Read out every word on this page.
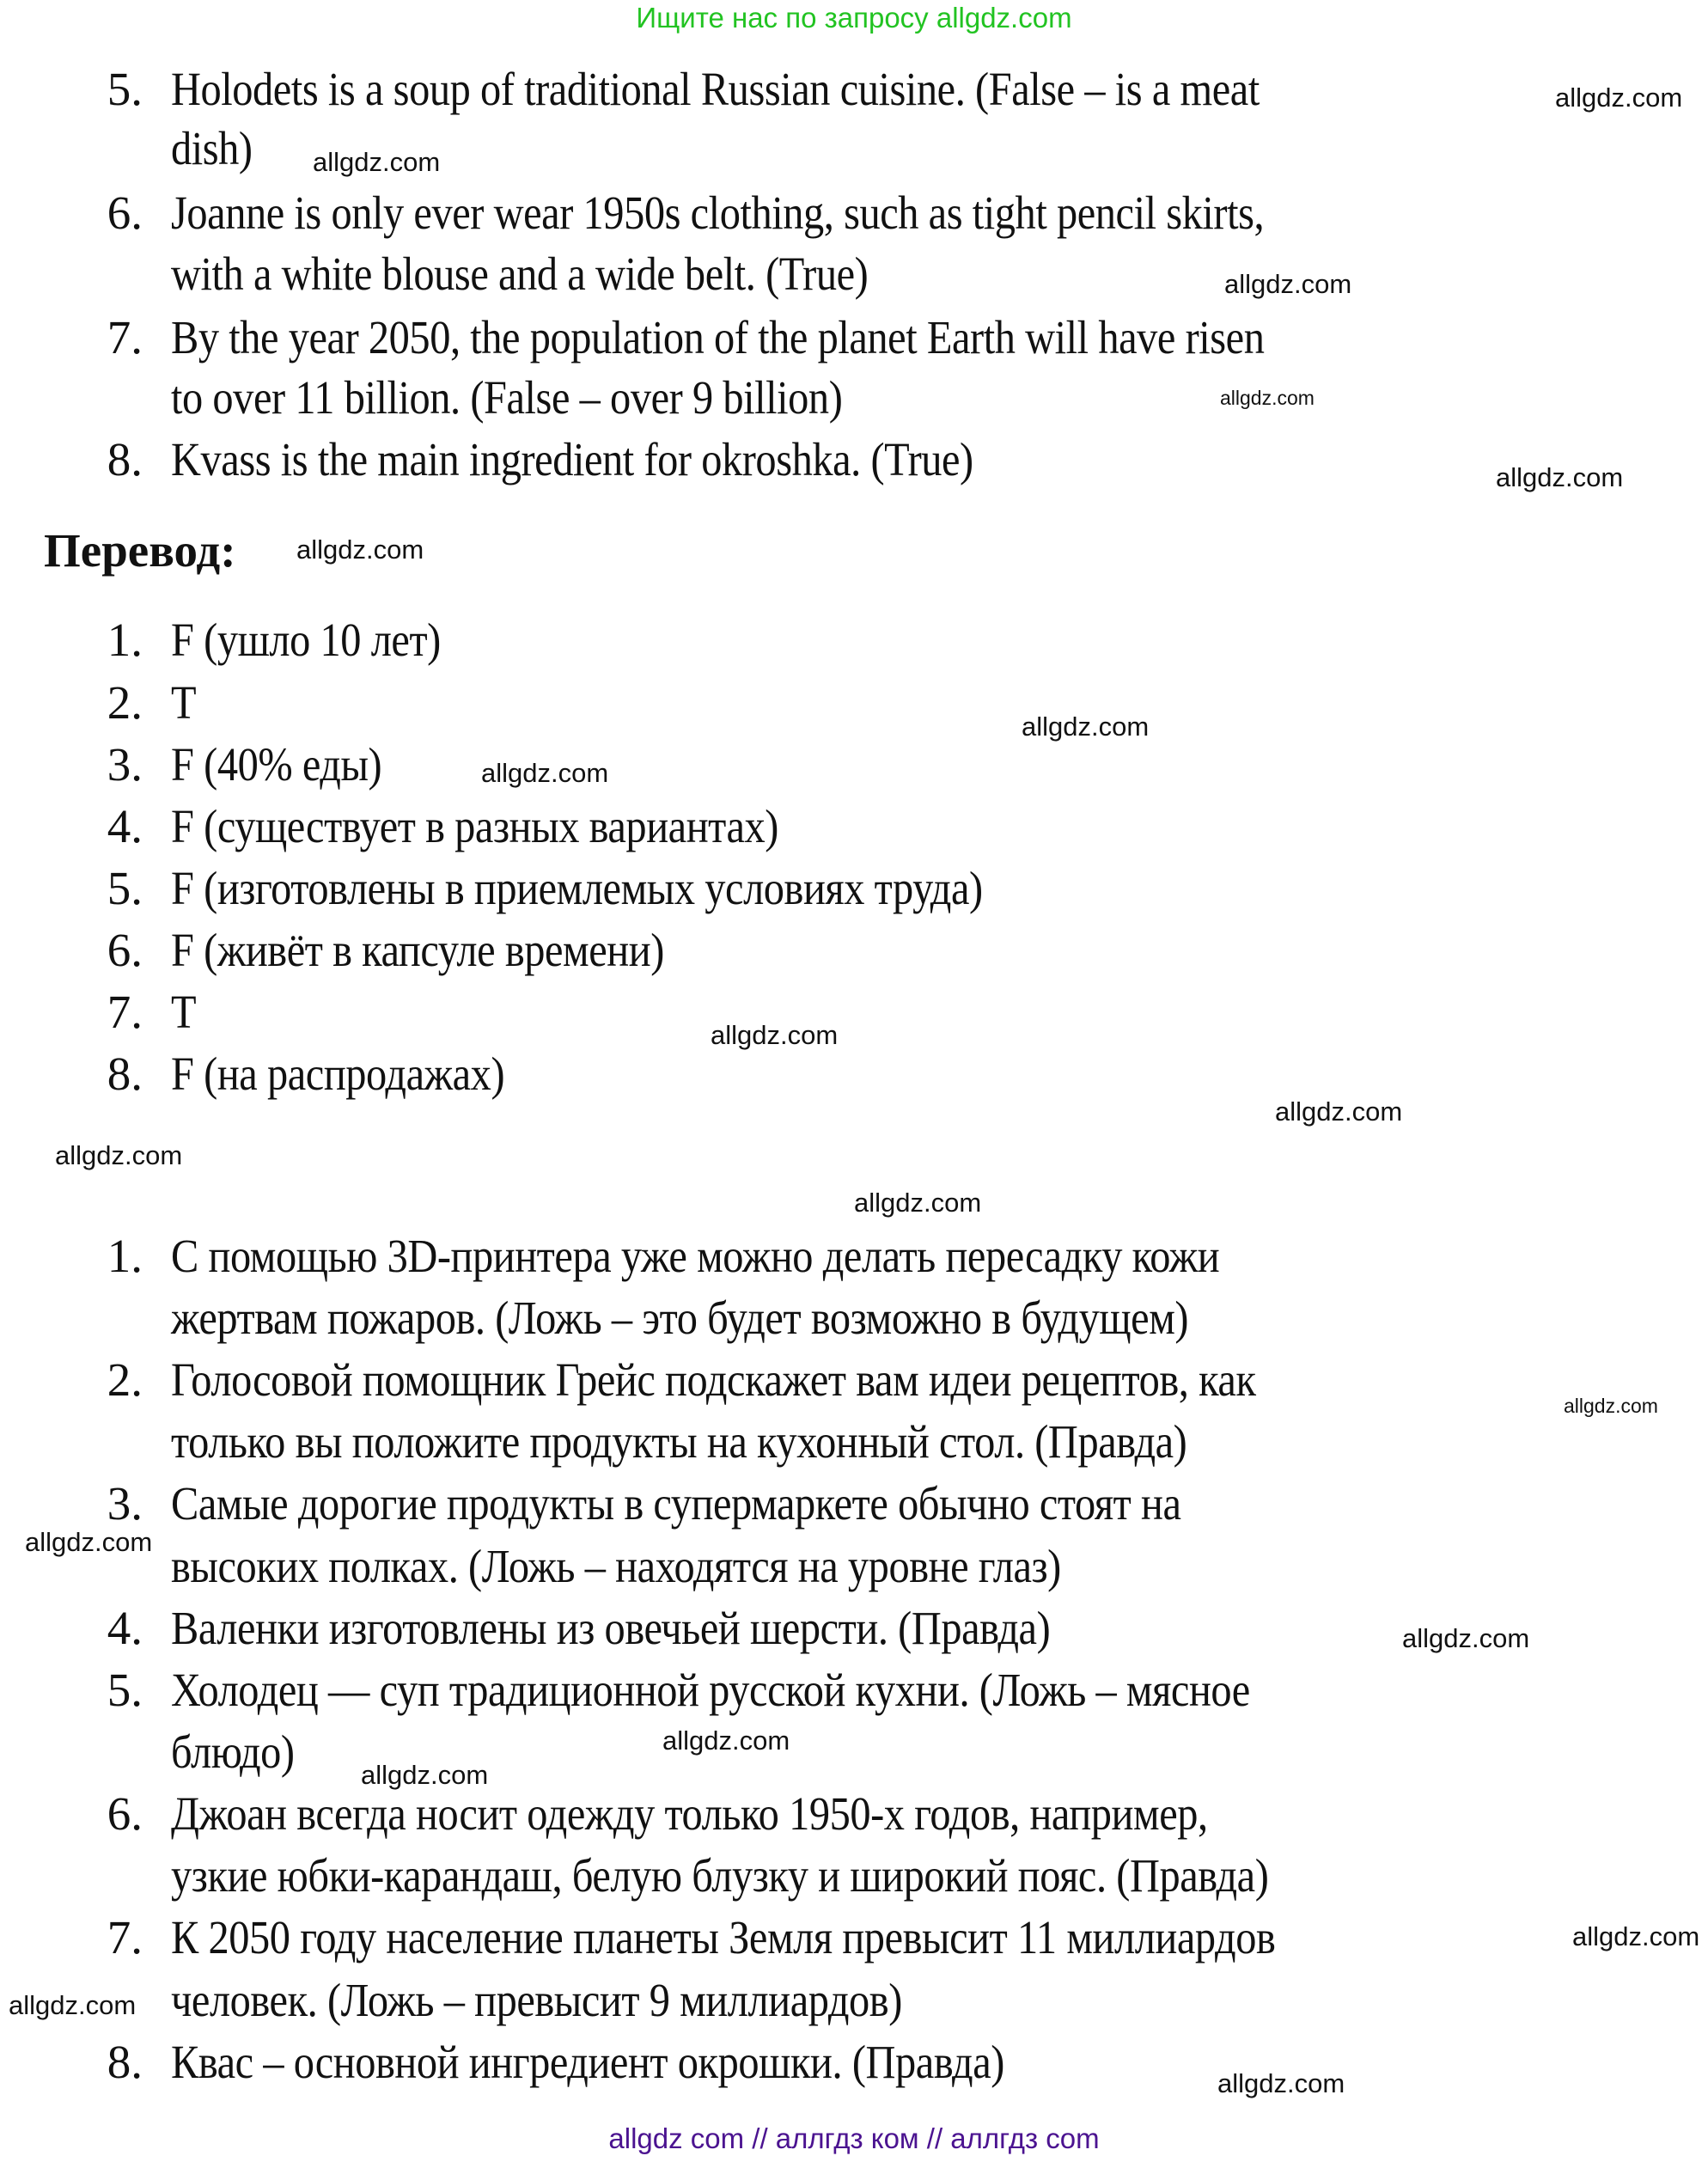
Ищите нас по запросу allgdz.com
5. Holodets is a soup of traditional Russian cuisine. (False – is a meat
dish)
6. Joanne is only ever wear 1950s clothing, such as tight pencil skirts,
with a white blouse and a wide belt. (True)
7. By the year 2050, the population of the planet Earth will have risen
to over 11 billion. (False – over 9 billion)
8. Kvass is the main ingredient for okroshka. (True)
Перевод:
1. F (ушло 10 лет)
2. T
3. F (40% еды)
4. F (существует в разных вариантах)
5. F (изготовлены в приемлемых условиях труда)
6. F (живёт в капсуле времени)
7. T
8. F (на распродажах)
1. С помощью 3D-принтера уже можно делать пересадку кожи
жертвам пожаров. (Ложь – это будет возможно в будущем)
2. Голосовой помощник Грейс подскажет вам идеи рецептов, как
только вы положите продукты на кухонный стол. (Правда)
3. Самые дорогие продукты в супермаркете обычно стоят на
высоких полках. (Ложь – находятся на уровне глаз)
4. Валенки изготовлены из овечьей шерсти. (Правда)
5. Холодец — суп традиционной русской кухни. (Ложь – мясное
блюдо)
6. Джоан всегда носит одежду только 1950-х годов, например,
узкие юбки-карандаш, белую блузку и широкий пояс. (Правда)
7. К 2050 году население планеты Земля превысит 11 миллиардов
человек. (Ложь – превысит 9 миллиардов)
8. Квас – основной ингредиент окрошки. (Правда)
allgdz.com
allgdz.com
allgdz.com
allgdz.com
allgdz.com
allgdz.com
allgdz.com
allgdz.com
allgdz.com
allgdz.com
allgdz.com
allgdz.com
allgdz.com
allgdz.com
allgdz.com
allgdz.com
allgdz.com
allgdz.com
allgdz.com
allgdz.com
allgdz com // аллгдз ком // аллгдз com
